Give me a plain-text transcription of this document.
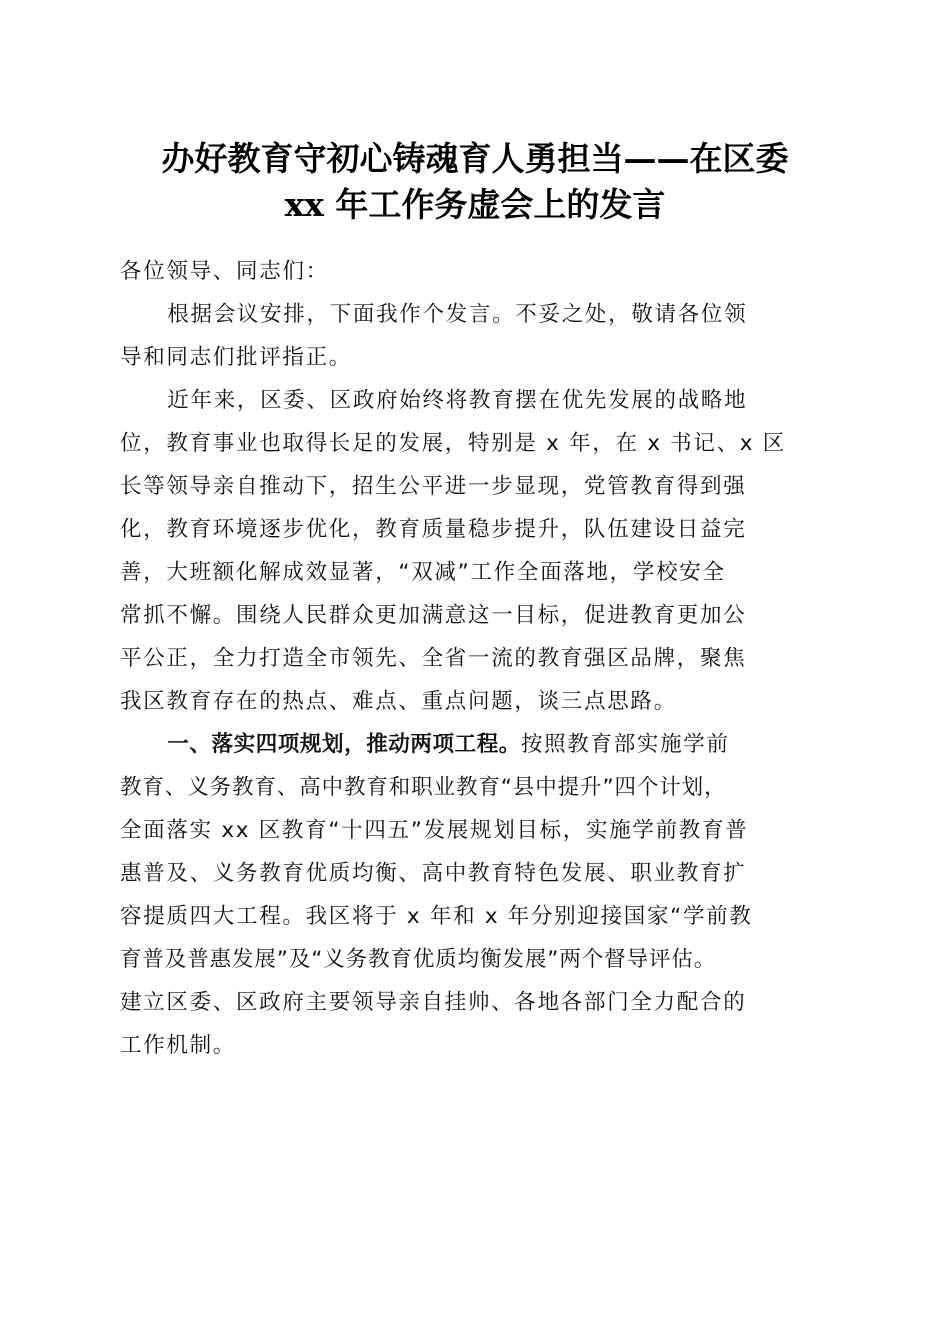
办好教育守初心铸魂育人勇担当——在区委
xx 年工作务虚会上的发言

各位领导、同志们：

根据会议安排，下面我作个发言。不妥之处，敬请各位领
导和同志们批评指正。

近年来，区委、区政府始终将教育摆在优先发展的战略地
位，教育事业也取得长足的发展，特别是 x 年，在 x 书记、x 区
长等领导亲自推动下，招生公平进一步显现，党管教育得到强
化，教育环境逐步优化，教育质量稳步提升，队伍建设日益完
善，大班额化解成效显著，“双减”工作全面落地，学校安全
常抓不懈。围绕人民群众更加满意这一目标，促进教育更加公
平公正，全力打造全市领先、全省一流的教育强区品牌，聚焦
我区教育存在的热点、难点、重点问题，谈三点思路。

一、落实四项规划，推动两项工程。按照教育部实施学前
教育、义务教育、高中教育和职业教育“县中提升”四个计划，
全面落实 xx 区教育“十四五”发展规划目标，实施学前教育普
惠普及、义务教育优质均衡、高中教育特色发展、职业教育扩
容提质四大工程。我区将于 x 年和 x 年分别迎接国家“学前教
育普及普惠发展”及“义务教育优质均衡发展”两个督导评估。
建立区委、区政府主要领导亲自挂帅、各地各部门全力配合的
工作机制。
